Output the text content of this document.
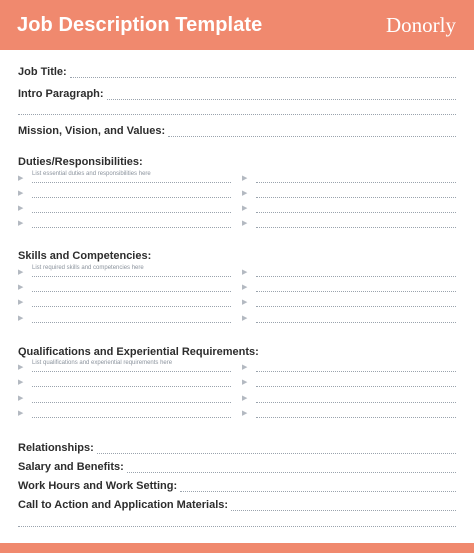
Job Description Template	Donorly
Job Title:
Intro Paragraph:
Mission, Vision, and Values:
Duties/Responsibilities:
▶
List essential duties and responsibilities here
▶
▶	▶
▶	▶
▶	▶
Skills and Competencies:
▶
List required skills and competencies here
▶
▶	▶
▶	▶
▶	▶
Qualifications and Experiential Requirements:
▶
List qualifications and experiential requirements here
▶
▶	▶
▶	▶
▶	▶
Relationships:
Salary and Benefits:
Work Hours and Work Setting:
Call to Action and Application Materials:
